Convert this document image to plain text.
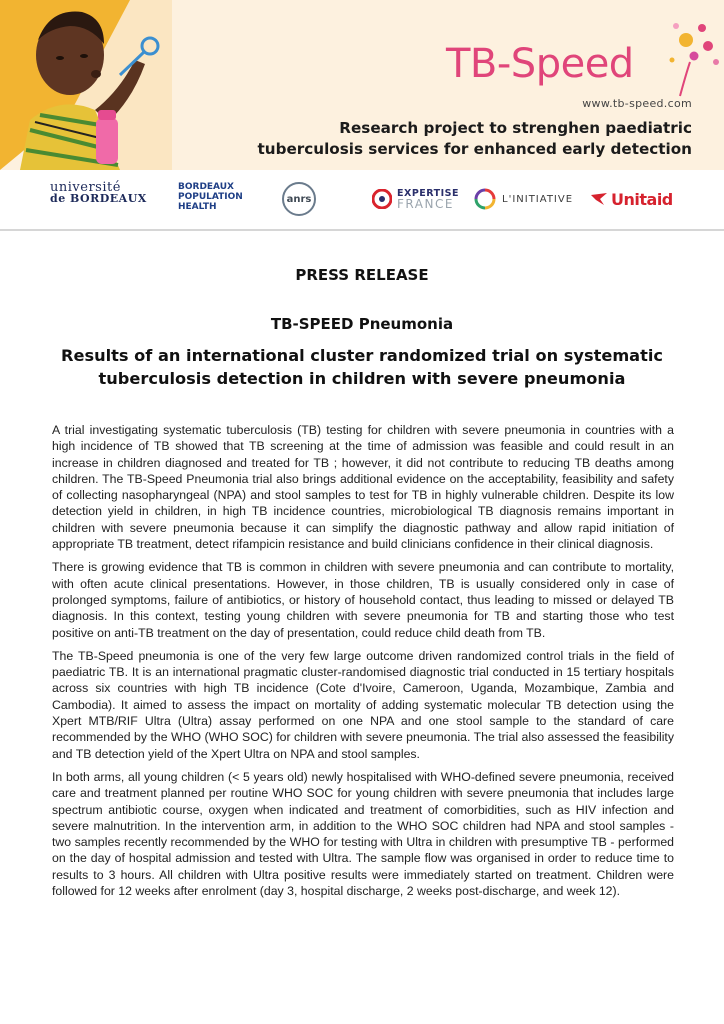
TB-Speed
www.tb-speed.com
Research project to strenghen paediatric
tuberculosis services for enhanced early detection
université
de BORDEAUX
BORDEAUX
POPULATION
HEALTH
anrs	EXPERTISE
FRANCE	L'INITIATIVE Unitaid
PRESS RELEASE
TB-SPEED Pneumonia
Results of an international cluster randomized trial on systematic
tuberculosis detection in children with severe pneumonia

A trial investigating systematic tuberculosis (TB) testing for children with severe pneumonia in countries with a high incidence of TB showed that TB screening at the time of admission was feasible and could result in an increase in children diagnosed and treated for TB ; however, it did not contribute to reducing TB deaths among children. The TB-Speed Pneumonia trial also brings additional evidence on the acceptability, feasibility and safety of collecting nasopharyngeal (NPA) and stool samples to test for TB in highly vulnerable children. Despite its low detection yield in children, in high TB incidence countries, microbiological TB diagnosis remains important in children with severe pneumonia because it can simplify the diagnostic pathway and allow rapid initiation of appropriate TB treatment, detect rifampicin resistance and build clinicians confidence in their clinical diagnosis.

There is growing evidence that TB is common in children with severe pneumonia and can contribute to mortality, with often acute clinical presentations. However, in those children, TB is usually considered only in case of prolonged symptoms, failure of antibiotics, or history of household contact, thus leading to missed or delayed TB diagnosis. In this context, testing young children with severe pneumonia for TB and starting those who test positive on anti-TB treatment on the day of presentation, could reduce child death from TB.

The TB-Speed pneumonia is one of the very few large outcome driven randomized control trials in the field of paediatric TB. It is an international pragmatic cluster-randomised diagnostic trial conducted in 15 tertiary hospitals across six countries with high TB incidence (Cote d'Ivoire, Cameroon, Uganda, Mozambique, Zambia and Cambodia). It aimed to assess the impact on mortality of adding systematic molecular TB detection using the Xpert MTB/RIF Ultra (Ultra) assay performed on one NPA and one stool sample to the standard of care recommended by the WHO (WHO SOC) for children with severe pneumonia. The trial also assessed the feasibility and TB detection yield of the Xpert Ultra on NPA and stool samples.

In both arms, all young children (< 5 years old) newly hospitalised with WHO-defined severe pneumonia, received care and treatment planned per routine WHO SOC for young children with severe pneumonia that includes large spectrum antibiotic course, oxygen when indicated and treatment of comorbidities, such as HIV infection and severe malnutrition. In the intervention arm, in addition to the WHO SOC children had NPA and stool samples - two samples recently recommended by the WHO for testing with Ultra in children with presumptive TB - performed on the day of hospital admission and tested with Ultra. The sample flow was organised in order to reduce time to results to 3 hours. All children with Ultra positive results were immediately started on treatment. Children were followed for 12 weeks after enrolment (day 3, hospital discharge, 2 weeks post-discharge, and week 12).
